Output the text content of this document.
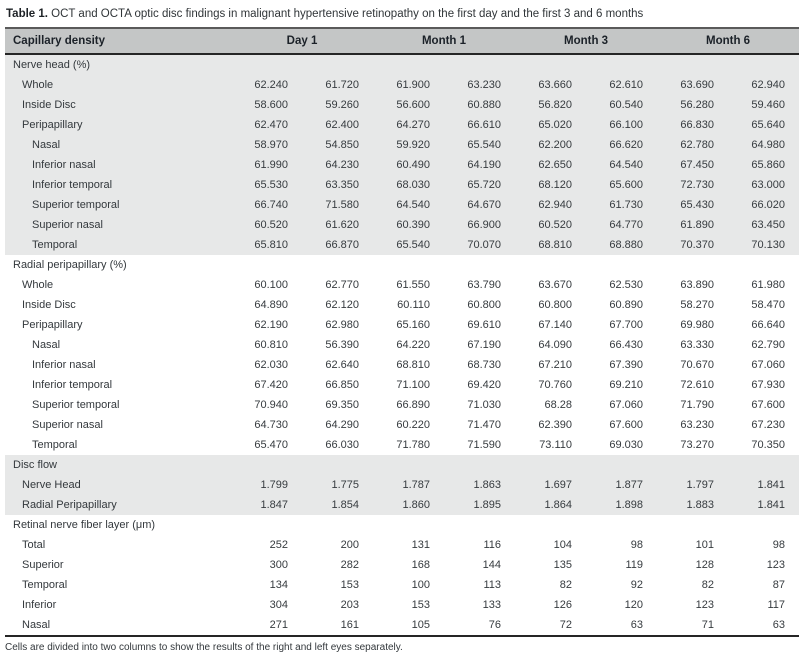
Table 1. OCT and OCTA optic disc findings in malignant hypertensive retinopathy on the first day and the first 3 and 6 months
Capillary density	Day 1		Month 1		Month 3		Month 6	
Nerve head (%)								
Whole	62.240	61.720	61.900	63.230	63.660	62.610	63.690	62.940
Inside Disc	58.600	59.260	56.600	60.880	56.820	60.540	56.280	59.460
Peripapillary	62.470	62.400	64.270	66.610	65.020	66.100	66.830	65.640
Nasal	58.970	54.850	59.920	65.540	62.200	66.620	62.780	64.980
Inferior nasal	61.990	64.230	60.490	64.190	62.650	64.540	67.450	65.860
Inferior temporal	65.530	63.350	68.030	65.720	68.120	65.600	72.730	63.000
Superior temporal	66.740	71.580	64.540	64.670	62.940	61.730	65.430	66.020
Superior nasal	60.520	61.620	60.390	66.900	60.520	64.770	61.890	63.450
Temporal	65.810	66.870	65.540	70.070	68.810	68.880	70.370	70.130
Radial peripapillary (%)								
Whole	60.100	62.770	61.550	63.790	63.670	62.530	63.890	61.980
Inside Disc	64.890	62.120	60.110	60.800	60.800	60.890	58.270	58.470
Peripapillary	62.190	62.980	65.160	69.610	67.140	67.700	69.980	66.640
Nasal	60.810	56.390	64.220	67.190	64.090	66.430	63.330	62.790
Inferior nasal	62.030	62.640	68.810	68.730	67.210	67.390	70.670	67.060
Inferior temporal	67.420	66.850	71.100	69.420	70.760	69.210	72.610	67.930
Superior temporal	70.940	69.350	66.890	71.030	68.28	67.060	71.790	67.600
Superior nasal	64.730	64.290	60.220	71.470	62.390	67.600	63.230	67.230
Temporal	65.470	66.030	71.780	71.590	73.110	69.030	73.270	70.350
Disc flow								
Nerve Head	1.799	1.775	1.787	1.863	1.697	1.877	1.797	1.841
Radial Peripapillary	1.847	1.854	1.860	1.895	1.864	1.898	1.883	1.841
Retinal nerve fiber layer (μm)								
Total	252	200	131	116	104	98	101	98
Superior	300	282	168	144	135	119	128	123
Temporal	134	153	100	113	82	92	82	87
Inferior	304	203	153	133	126	120	123	117
Nasal	271	161	105	76	72	63	71	63
Cells are divided into two columns to show the results of the right and left eyes separately.
